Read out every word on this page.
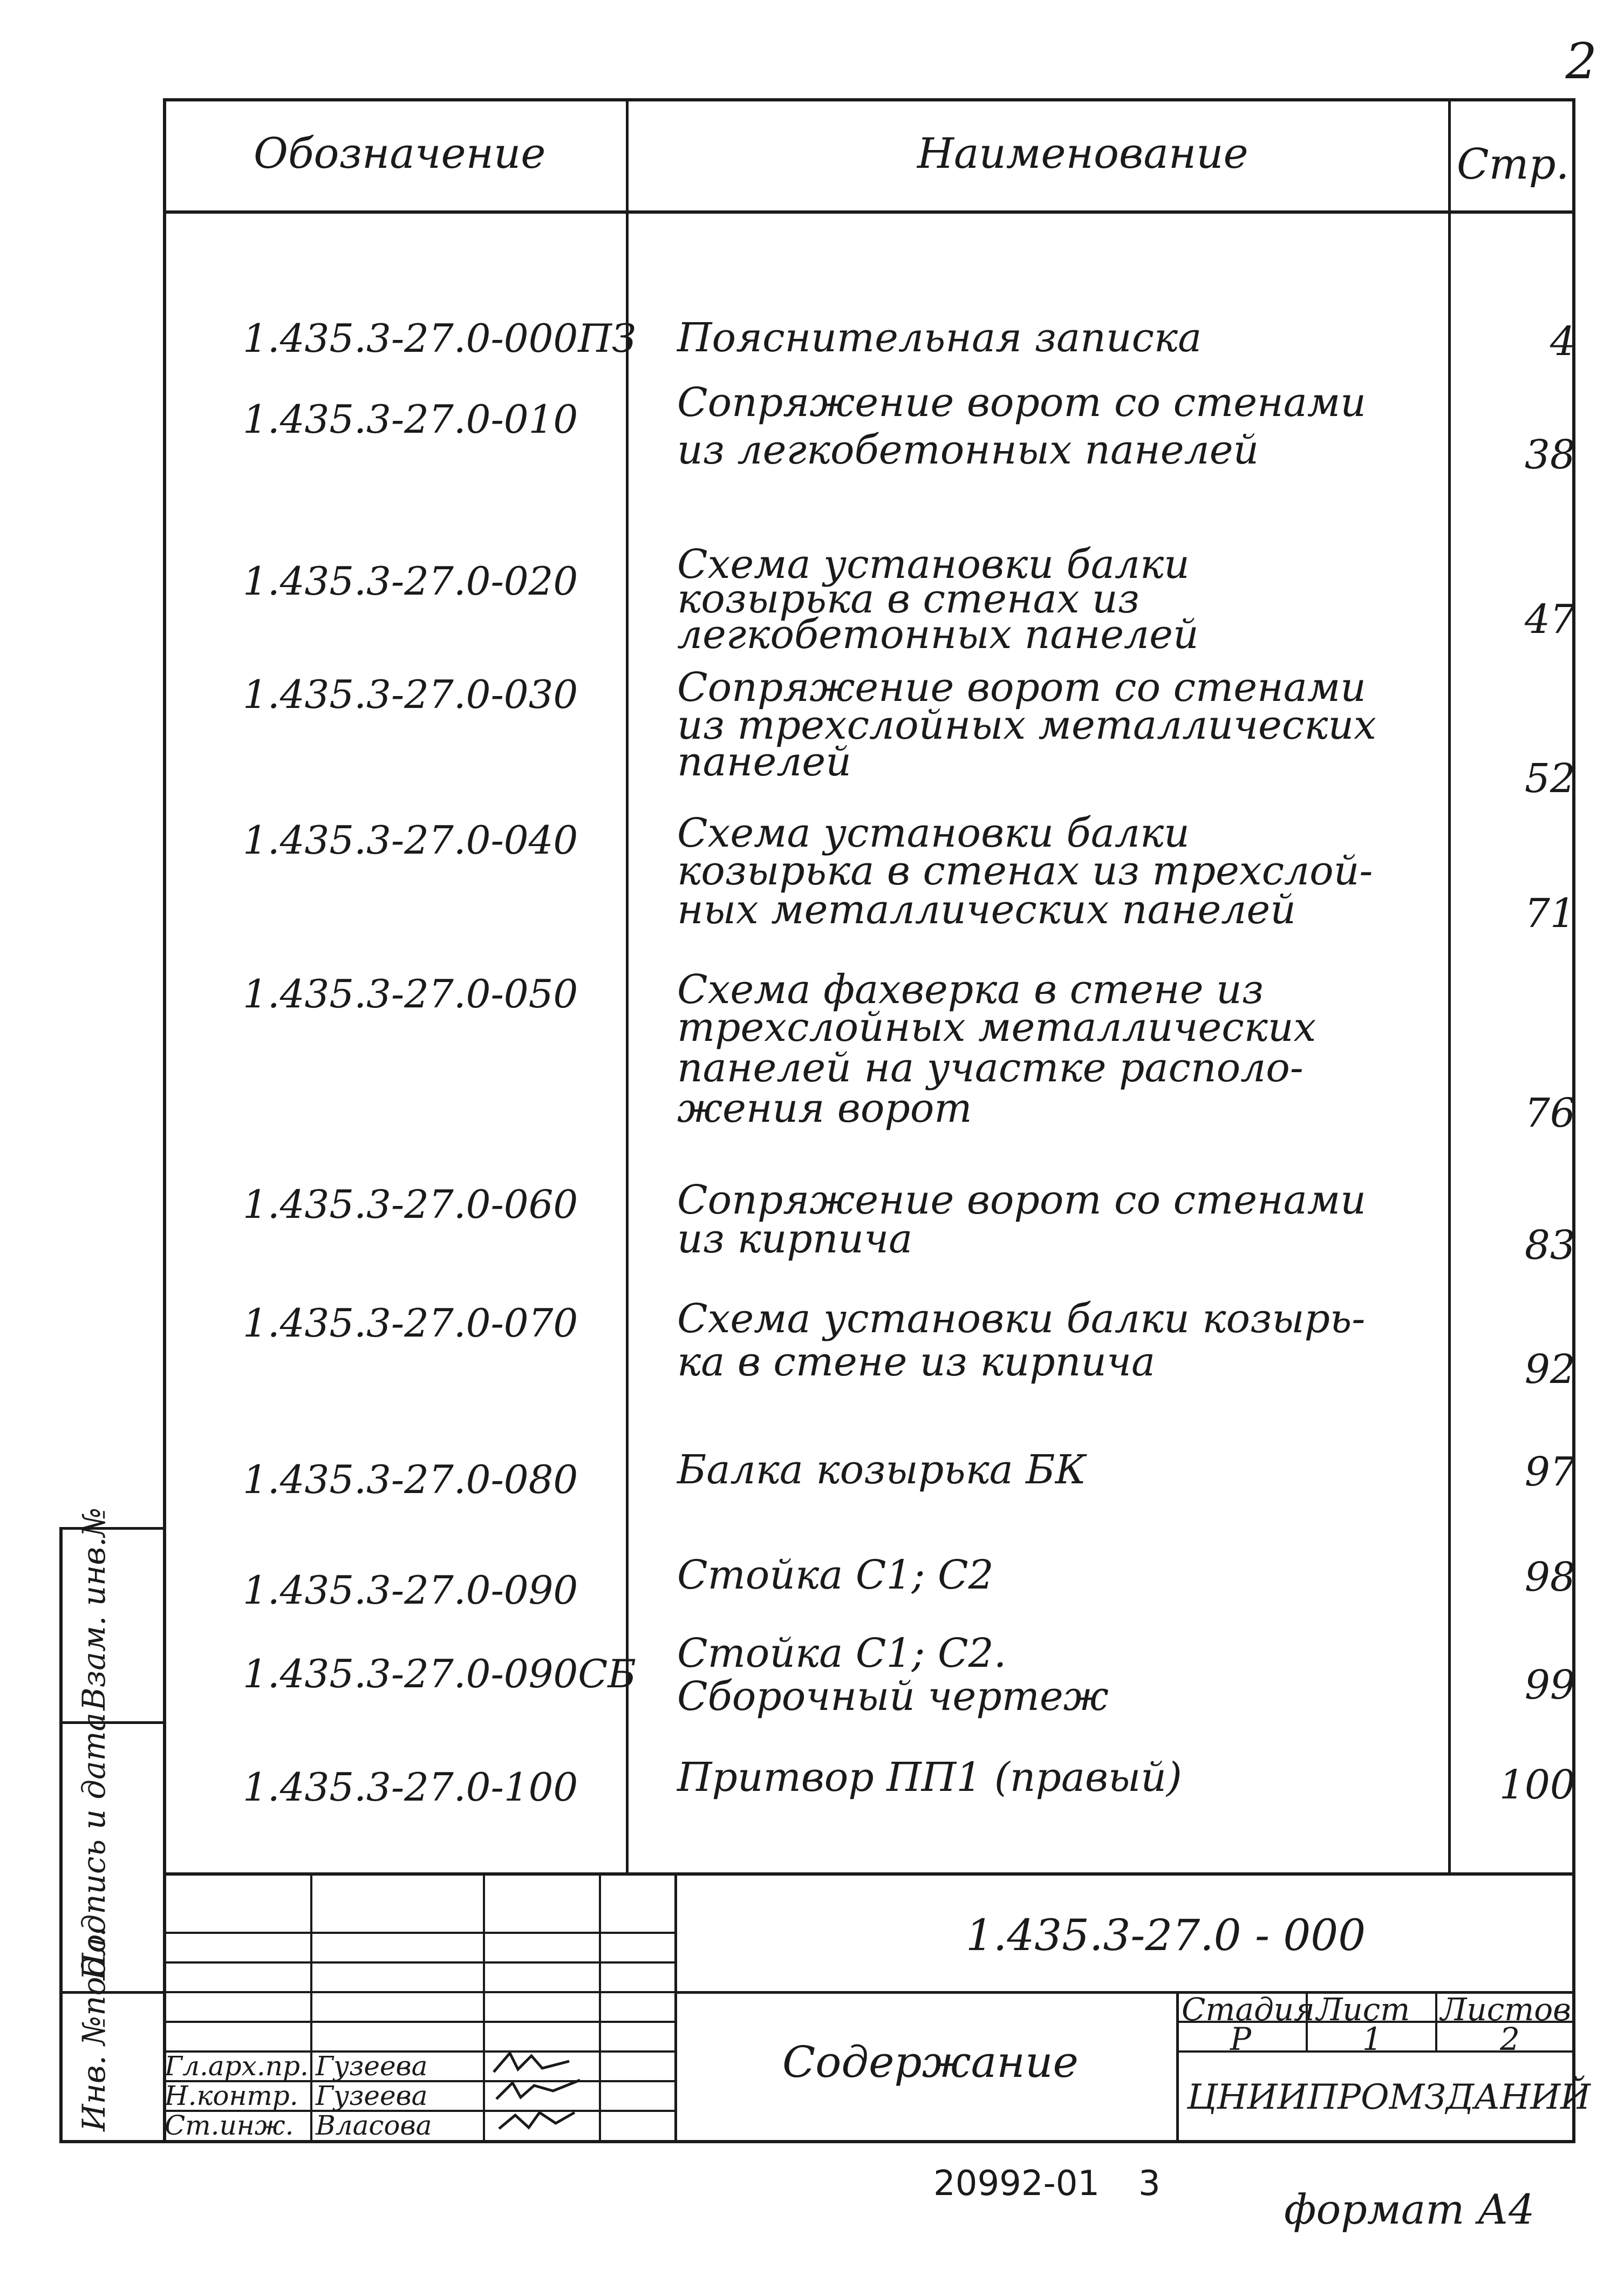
2
Обозначение	Наименование	Стр.
1.435.3-27.0-000ПЗ Пояснительная записка	4
1.435.3-27.0-010 Сопряжение ворот со стенами
из легкобетонных панелей	38
1.435.3-27.0-020 Схема установки балки
козырька в стенах из
легкобетонных панелей	47
1.435.3-27.0-030 Сопряжение ворот со стенами
из трехслойных металлических
панелей	52
1.435.3-27.0-040 Схема установки балки
козырька в стенах из трехслой-
ных металлических панелей	71
1.435.3-27.0-050 Схема фахверка в стене из
трехслойных металлических
панелей на участке располо-
жения ворот	76
1.435.3-27.0-060 Сопряжение ворот со стенами
из кирпича	83
1.435.3-27.0-070 Схема установки балки козырь-
ка в стене из кирпича	92
1.435.3-27.0-080 Балка козырька БК	97
1.435.3-27.0-090 Стойка С1; С2	98
1.435.3-27.0-090СБ Стойка С1; С2.
Сборочный чертеж	99
1.435.3-27.0-100 Притвор ПП1 (правый)	100
Взам. инв.№
Подпись и дата
Инв. №подл.	1.435.3-27.0 - 000
Содержание
Стадия Лист Листов
Р	1	2
ЦНИИПРОМЗДАНИЙ
Гл.арх.пр. Гузеева
Н.контр. Гузеева
Ст.инж. Власова
20992-01 3
формат А4
